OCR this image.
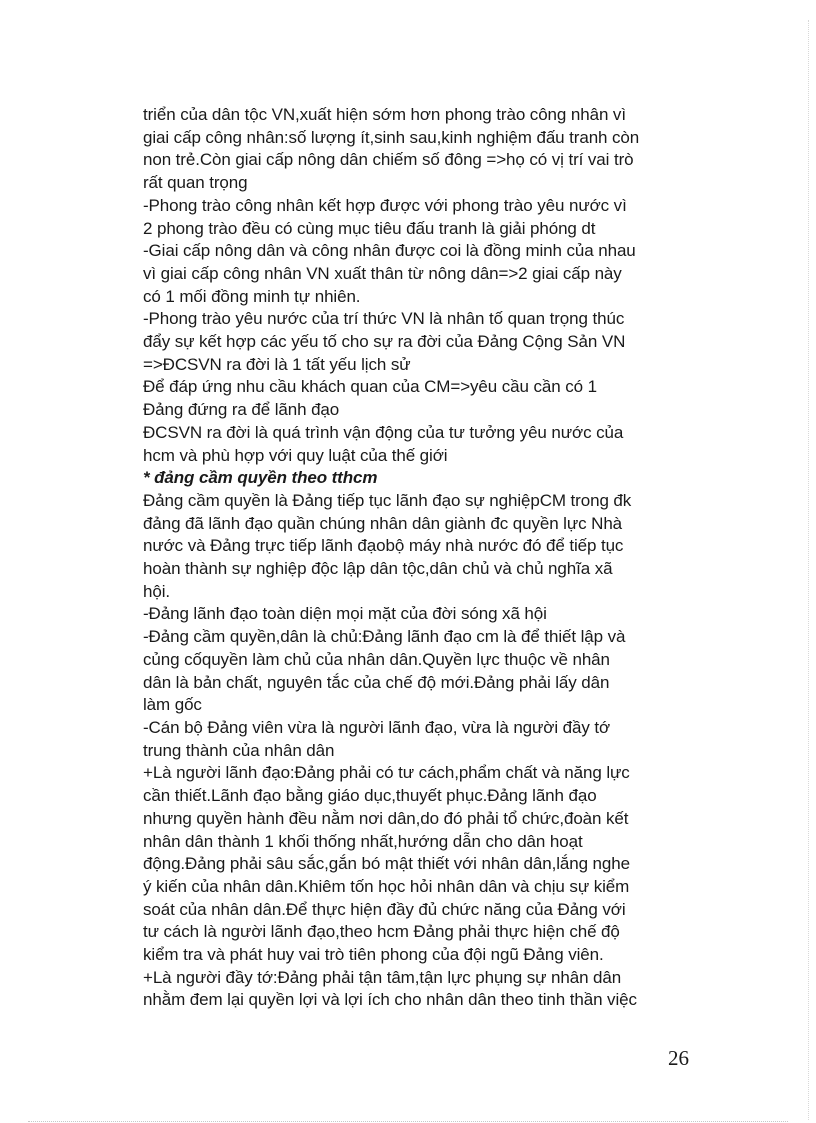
triển của dân tộc VN,xuất hiện sớm hơn phong trào công nhân vì

giai cấp công nhân:số lượng ít,sinh sau,kinh nghiệm đấu tranh còn

non trẻ.Còn giai cấp nông dân chiếm số đông =>họ có vị trí vai trò

rất quan trọng

-Phong trào công nhân kết hợp được với phong trào yêu nước vì

2 phong trào đều có cùng mục tiêu đấu tranh là giải phóng dt

-Giai cấp nông dân và công nhân được coi là đồng minh của nhau

vì giai cấp công nhân VN xuất thân từ nông dân=>2 giai cấp này

có 1 mối đồng minh tự nhiên.

-Phong trào yêu nước của trí thức VN là nhân tố quan trọng thúc

đẩy sự kết hợp các yếu tố cho sự ra đời của Đảng Cộng Sản VN

=>ĐCSVN ra đời là 1 tất yếu lịch sử

Để đáp ứng nhu cầu khách quan của CM=>yêu cầu cần có 1

Đảng đứng ra để lãnh đạo

ĐCSVN ra đời là quá trình vận động của tư tưởng yêu nước của

hcm và phù hợp với quy luật của thế giới

* đảng cầm quyền theo tthcm

Đảng cầm quyền là Đảng tiếp tục lãnh đạo sự nghiệpCM trong đk

đảng đã lãnh đạo quần chúng nhân dân giành đc quyền lực Nhà

nước và Đảng trực tiếp lãnh đạobộ máy nhà nước đó để tiếp tục

hoàn thành sự nghiệp độc lập dân tộc,dân chủ và chủ nghĩa xã

hội.

-Đảng lãnh đạo toàn diện mọi mặt của đời sóng xã hội

-Đảng cầm quyền,dân là chủ:Đảng lãnh đạo cm là để thiết lập và

củng cốquyền làm chủ của nhân dân.Quyền lực thuộc về nhân

dân là bản chất, nguyên tắc của chế độ mới.Đảng phải lấy dân

làm gốc

-Cán bộ Đảng viên vừa là người lãnh đạo, vừa là người đầy tớ

trung thành của nhân dân

+Là người lãnh đạo:Đảng phải có tư cách,phẩm chất và năng lực

cần thiết.Lãnh đạo bằng giáo dục,thuyết phục.Đảng lãnh đạo

nhưng quyền hành đều nằm nơi dân,do đó phải tổ chức,đoàn kết

nhân dân thành 1 khối thống nhất,hướng dẫn cho dân hoạt

động.Đảng phải sâu sắc,gắn bó mật thiết với nhân dân,lắng nghe

ý kiến của nhân dân.Khiêm tốn học hỏi nhân dân và chịu sự kiểm

soát của nhân dân.Để thực hiện đầy đủ chức năng của Đảng với

tư cách là người lãnh đạo,theo hcm Đảng phải thực hiện chế độ

kiểm tra và phát huy vai trò tiên phong của đội ngũ Đảng viên.

+Là người đầy tớ:Đảng phải tận tâm,tận lực phụng sự nhân dân

nhằm đem lại quyền lợi và lợi ích cho nhân dân theo tinh thần việc

26
